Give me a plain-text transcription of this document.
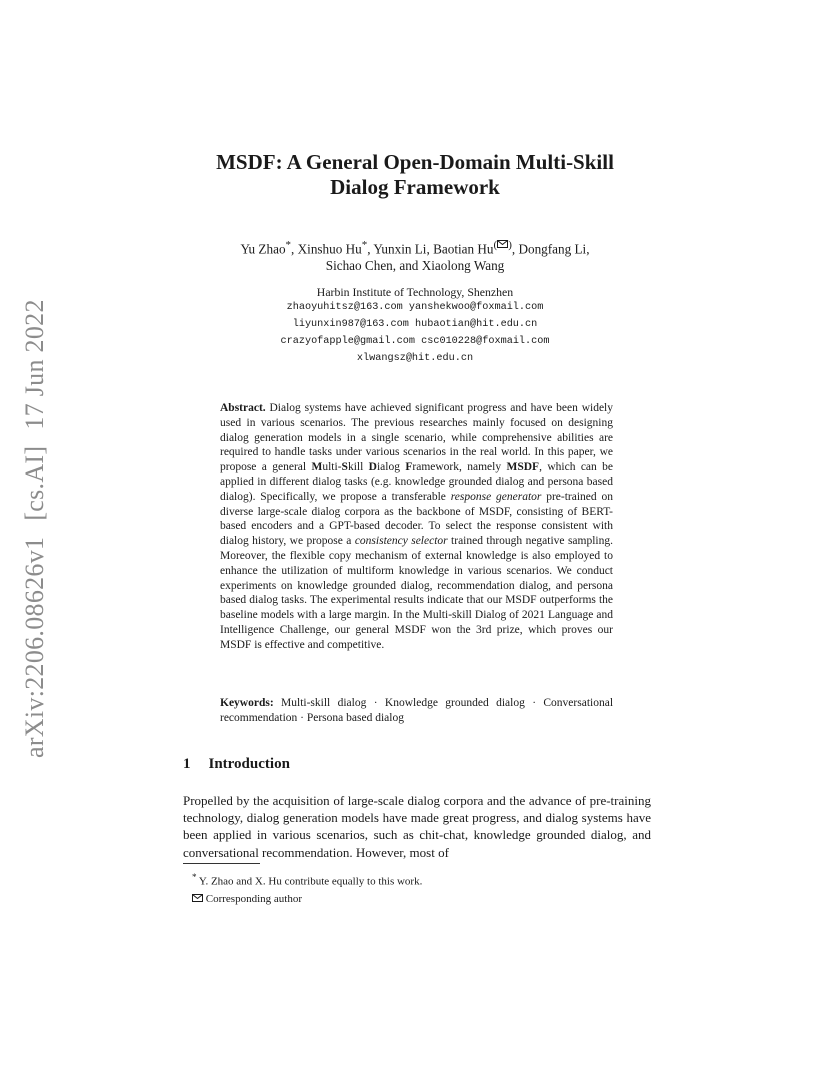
arXiv:2206.08626v1[cs.AI]17 Jun 2022
MSDF: A General Open-Domain Multi-Skill
Dialog Framework
Yu Zhao*, Xinshuo Hu*, Yunxin Li, Baotian Hu( ), Dongfang Li,
Sichao Chen, and Xiaolong Wang
Harbin Institute of Technology, Shenzhen
zhaoyuhitsz@163.com yanshekwoo@foxmail.com
liyunxin987@163.com hubaotian@hit.edu.cn
crazyofapple@gmail.com csc010228@foxmail.com
xlwangsz@hit.edu.cn

Abstract. Dialog systems have achieved significant progress and have been widely used in various scenarios. The previous researches mainly focused on designing dialog generation models in a single scenario, while comprehensive abilities are required to handle tasks under various scenarios in the real world. In this paper, we propose a general Multi-Skill Dialog Framework, namely MSDF, which can be applied in different dialog tasks (e.g. knowledge grounded dialog and persona based dialog). Specifically, we propose a transferable response generator pre-trained on diverse large-scale dialog corpora as the backbone of MSDF, consisting of BERT-based encoders and a GPT-based decoder. To select the response consistent with dialog history, we propose a consistency selector trained through negative sampling. Moreover, the flexible copy mechanism of external knowledge is also employed to enhance the utilization of multiform knowledge in various scenarios. We conduct experiments on knowledge grounded dialog, recommendation dialog, and persona based dialog tasks. The experimental results indicate that our MSDF outperforms the baseline models with a large margin. In the Multi-skill Dialog of 2021 Language and Intelligence Challenge, our general MSDF won the 3rd prize, which proves our MSDF is effective and competitive.

Keywords: Multi-skill dialog · Knowledge grounded dialog · Conversational recommendation · Persona based dialog

1 Introduction

Propelled by the acquisition of large-scale dialog corpora and the advance of pre-training technology, dialog generation models have made great progress, and dialog systems have been applied in various scenarios, such as chit-chat, knowledge grounded dialog, and conversational recommendation. However, most of

* Y. Zhao and X. Hu contribute equally to this work.
Corresponding author
